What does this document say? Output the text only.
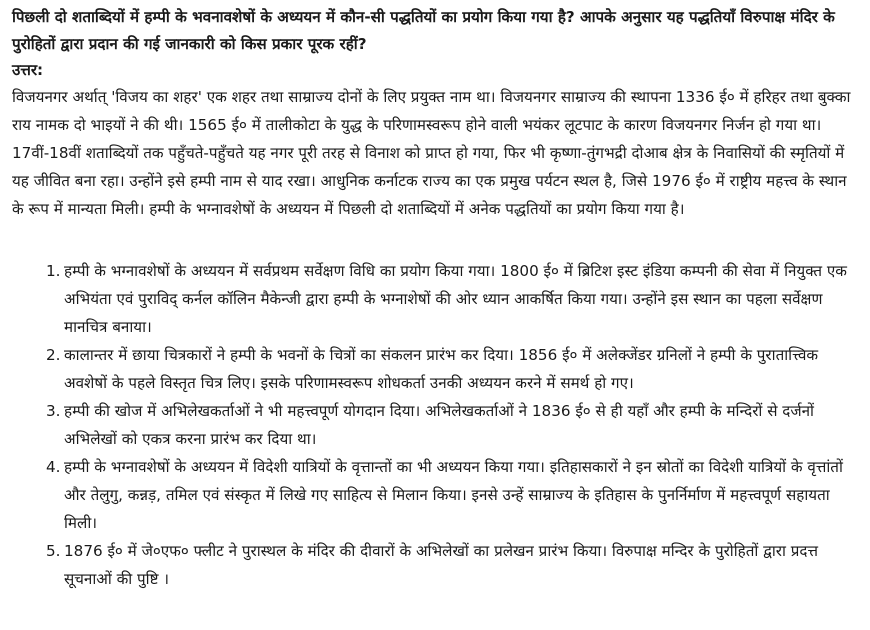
पिछली दो शताब्दियों में हम्पी के भवनावशेषों के अध्ययन में कौन-सी पद्धतियों का प्रयोग किया गया है? आपके अनुसार यह पद्धतियाँ विरुपाक्ष मंदिर के पुरोहितों द्वारा प्रदान की गई जानकारी को किस प्रकार पूरक रहीं?

उत्तर:

विजयनगर अर्थात् 'विजय का शहर' एक शहर तथा साम्राज्य दोनों के लिए प्रयुक्त नाम था। विजयनगर साम्राज्य की स्थापना 1336 ई० में हरिहर तथा बुक्का राय नामक दो भाइयों ने की थी। 1565 ई० में तालीकोटा के युद्ध के परिणामस्वरूप होने वाली भयंकर लूटपाट के कारण विजयनगर निर्जन हो गया था। 17वीं-18वीं शताब्दियों तक पहुँचते-पहुँचते यह नगर पूरी तरह से विनाश को प्राप्त हो गया, फिर भी कृष्णा-तुंगभद्री दोआब क्षेत्र के निवासियों की स्मृतियों में यह जीवित बना रहा। उन्होंने इसे हम्पी नाम से याद रखा। आधुनिक कर्नाटक राज्य का एक प्रमुख पर्यटन स्थल है, जिसे 1976 ई० में राष्ट्रीय महत्त्व के स्थान के रूप में मान्यता मिली। हम्पी के भग्नावशेषों के अध्ययन में पिछली दो शताब्दियों में अनेक पद्धतियों का प्रयोग किया गया है।

1. हम्पी के भग्नावशेषों के अध्ययन में सर्वप्रथम सर्वेक्षण विधि का प्रयोग किया गया। 1800 ई० में ब्रिटिश इस्ट इंडिया कम्पनी की सेवा में नियुक्त एक अभियंता एवं पुराविद् कर्नल कॉलिन मैकेन्जी द्वारा हम्पी के भग्नाशेषों की ओर ध्यान आकर्षित किया गया। उन्होंने इस स्थान का पहला सर्वेक्षण मानचित्र बनाया।
2. कालान्तर में छाया चित्रकारों ने हम्पी के भवनों के चित्रों का संकलन प्रारंभ कर दिया। 1856 ई० में अलेक्जेंडर ग्रनिलों ने हम्पी के पुरातात्त्विक अवशेषों के पहले विस्तृत चित्र लिए। इसके परिणामस्वरूप शोधकर्ता उनकी अध्ययन करने में समर्थ हो गए।
3. हम्पी की खोज में अभिलेखकर्ताओं ने भी महत्त्वपूर्ण योगदान दिया। अभिलेखकर्ताओं ने 1836 ई० से ही यहाँ और हम्पी के मन्दिरों से दर्जनों अभिलेखों को एकत्र करना प्रारंभ कर दिया था।
4. हम्पी के भग्नावशेषों के अध्ययन में विदेशी यात्रियों के वृत्तान्तों का भी अध्ययन किया गया। इतिहासकारों ने इन स्रोतों का विदेशी यात्रियों के वृत्तांतों और तेलुगु, कन्नड़, तमिल एवं संस्कृत में लिखे गए साहित्य से मिलान किया। इनसे उन्हें साम्राज्य के इतिहास के पुनर्निर्माण में महत्त्वपूर्ण सहायता मिली।
5. 1876 ई० में जे०एफ० फ्लीट ने पुरास्थल के मंदिर की दीवारों के अभिलेखों का प्रलेखन प्रारंभ किया। विरुपाक्ष मन्दिर के पुरोहितों द्वारा प्रदत्त सूचनाओं की पुष्टि ।
